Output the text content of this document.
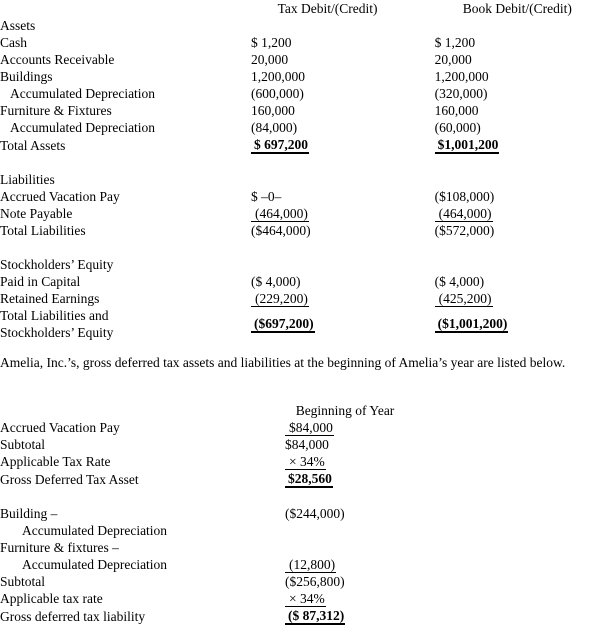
	Tax Debit/(Credit)		Book Debit/(Credit)
Assets			
Cash	$ 1,200		$ 1,200
Accounts Receivable	20,000		20,000
Buildings	1,200,000		1,200,000
Accumulated Depreciation	(600,000)		(320,000)
Furniture & Fixtures	160,000		160,000
Accumulated Depreciation	(84,000)		(60,000)
Total Assets	$ 697,200		$1,001,200

Liabilities			
Accrued Vacation Pay	$ –0–		($108,000)
Note Payable	(464,000)		(464,000)
Total Liabilities	($464,000)		($572,000)

Stockholders’ Equity			
Paid in Capital	($ 4,000)		($ 4,000)
Retained Earnings	(229,200)		(425,200)

Total Liabilities and
Stockholders’ Equity	($697,200)		($1,001,200)

Amelia, Inc.’s, gross deferred tax assets and liabilities at the beginning of Amelia’s year are listed below.

	Beginning of Year	
Accrued Vacation Pay	$84,000	
Subtotal	$84,000	
Applicable Tax Rate	× 34%	
Gross Deferred Tax Asset	$28,560	

Building –	($244,000)	
Accumulated Depreciation		
Furniture & fixtures –		
Accumulated Depreciation	(12,800)	
Subtotal	($256,800)	
Applicable tax rate	× 34%	
Gross deferred tax liability	($ 87,312)	
